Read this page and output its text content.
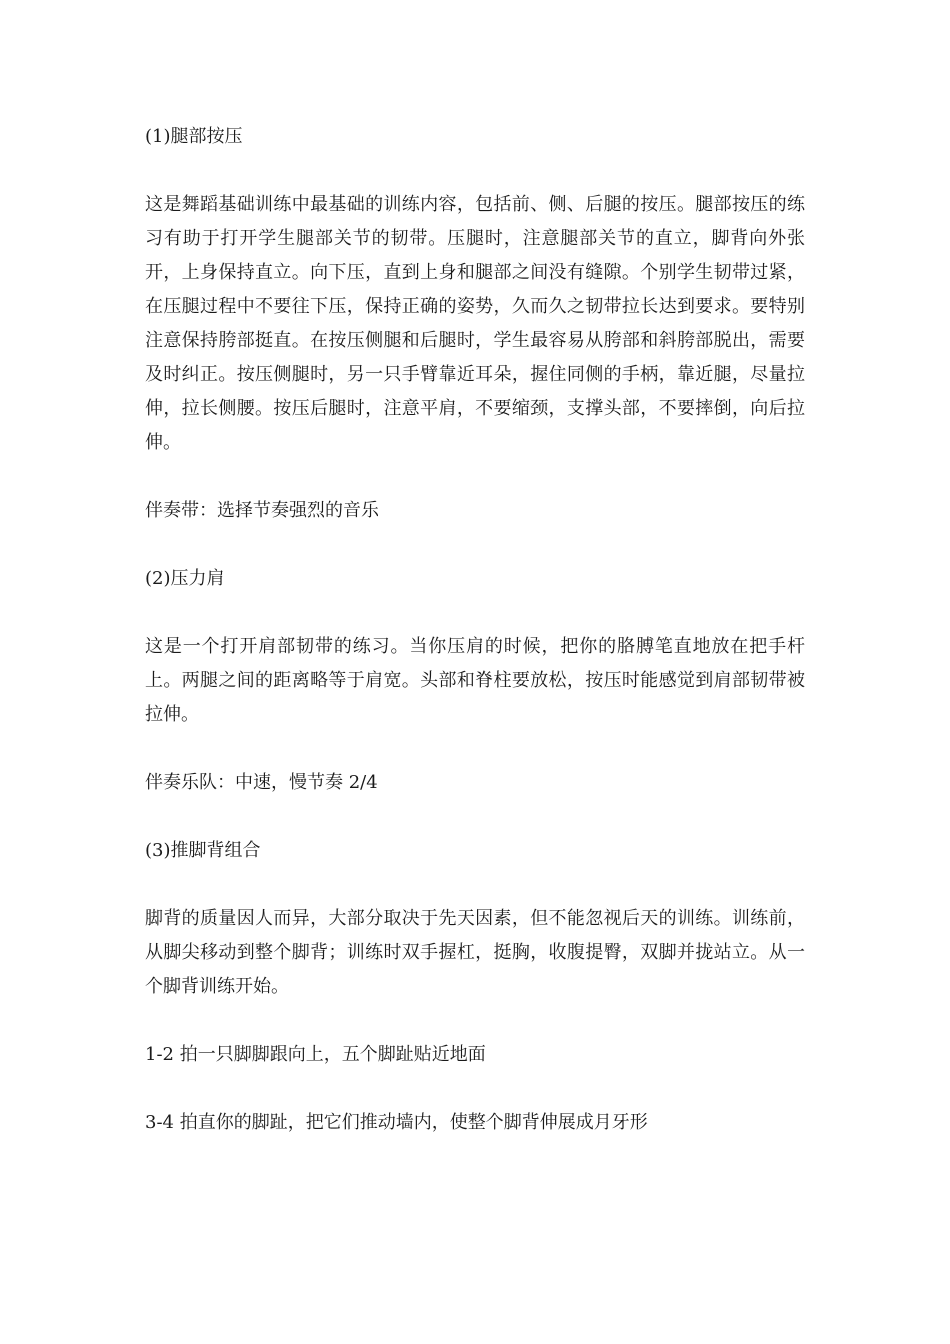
(1)腿部按压

这是舞蹈基础训练中最基础的训练内容，包括前、侧、后腿的按压。腿部按压的练习有助于打开学生腿部关节的韧带。压腿时，注意腿部关节的直立，脚背向外张开，上身保持直立。向下压，直到上身和腿部之间没有缝隙。个别学生韧带过紧，在压腿过程中不要往下压，保持正确的姿势，久而久之韧带拉长达到要求。要特别注意保持胯部挺直。在按压侧腿和后腿时，学生最容易从胯部和斜胯部脱出，需要及时纠正。按压侧腿时，另一只手臂靠近耳朵，握住同侧的手柄，靠近腿，尽量拉伸，拉长侧腰。按压后腿时，注意平肩，不要缩颈，支撑头部，不要摔倒，向后拉伸。

伴奏带：选择节奏强烈的音乐

(2)压力肩

这是一个打开肩部韧带的练习。当你压肩的时候，把你的胳膊笔直地放在把手杆上。两腿之间的距离略等于肩宽。头部和脊柱要放松，按压时能感觉到肩部韧带被拉伸。

伴奏乐队：中速，慢节奏 2/4

(3)推脚背组合

脚背的质量因人而异，大部分取决于先天因素，但不能忽视后天的训练。训练前，从脚尖移动到整个脚背；训练时双手握杠，挺胸，收腹提臀，双脚并拢站立。从一个脚背训练开始。

1-2 拍一只脚脚跟向上，五个脚趾贴近地面

3-4 拍直你的脚趾，把它们推动墙内，使整个脚背伸展成月牙形
